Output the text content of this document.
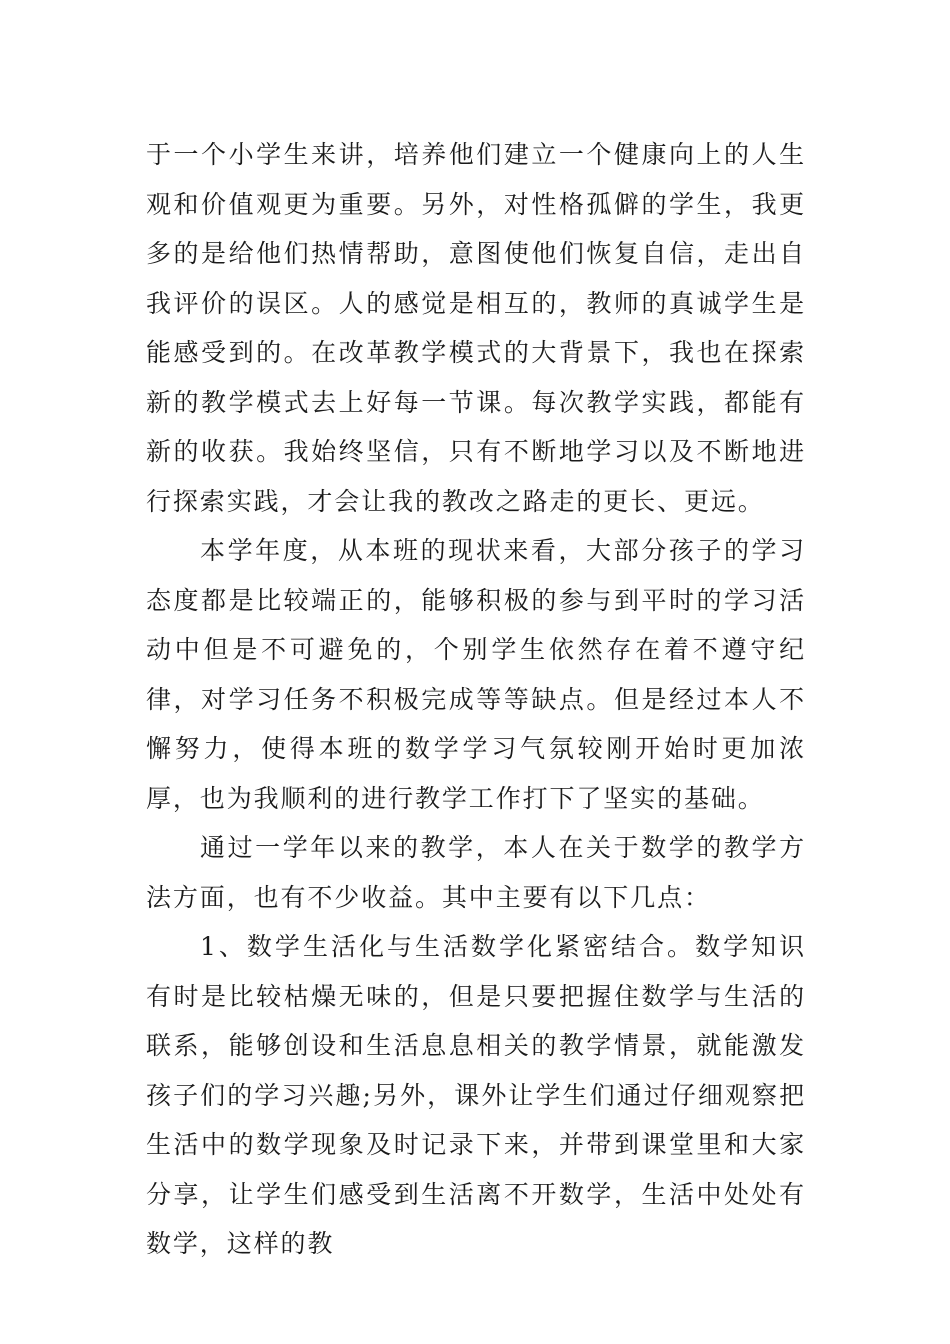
于一个小学生来讲，培养他们建立一个健康向上的人生观和价值观更为重要。另外，对性格孤僻的学生，我更多的是给他们热情帮助，意图使他们恢复自信，走出自我评价的误区。人的感觉是相互的，教师的真诚学生是能感受到的。在改革教学模式的大背景下，我也在探索新的教学模式去上好每一节课。每次教学实践，都能有新的收获。我始终坚信，只有不断地学习以及不断地进行探索实践，才会让我的教改之路走的更长、更远。

本学年度，从本班的现状来看，大部分孩子的学习态度都是比较端正的，能够积极的参与到平时的学习活动中但是不可避免的，个别学生依然存在着不遵守纪律，对学习任务不积极完成等等缺点。但是经过本人不懈努力，使得本班的数学学习气氛较刚开始时更加浓厚，也为我顺利的进行教学工作打下了坚实的基础。

通过一学年以来的教学，本人在关于数学的教学方法方面，也有不少收益。其中主要有以下几点：

1、数学生活化与生活数学化紧密结合。数学知识有时是比较枯燥无味的，但是只要把握住数学与生活的联系，能够创设和生活息息相关的教学情景，就能激发孩子们的学习兴趣;另外，课外让学生们通过仔细观察把生活中的数学现象及时记录下来，并带到课堂里和大家分享，让学生们感受到生活离不开数学，生活中处处有数学，这样的教
